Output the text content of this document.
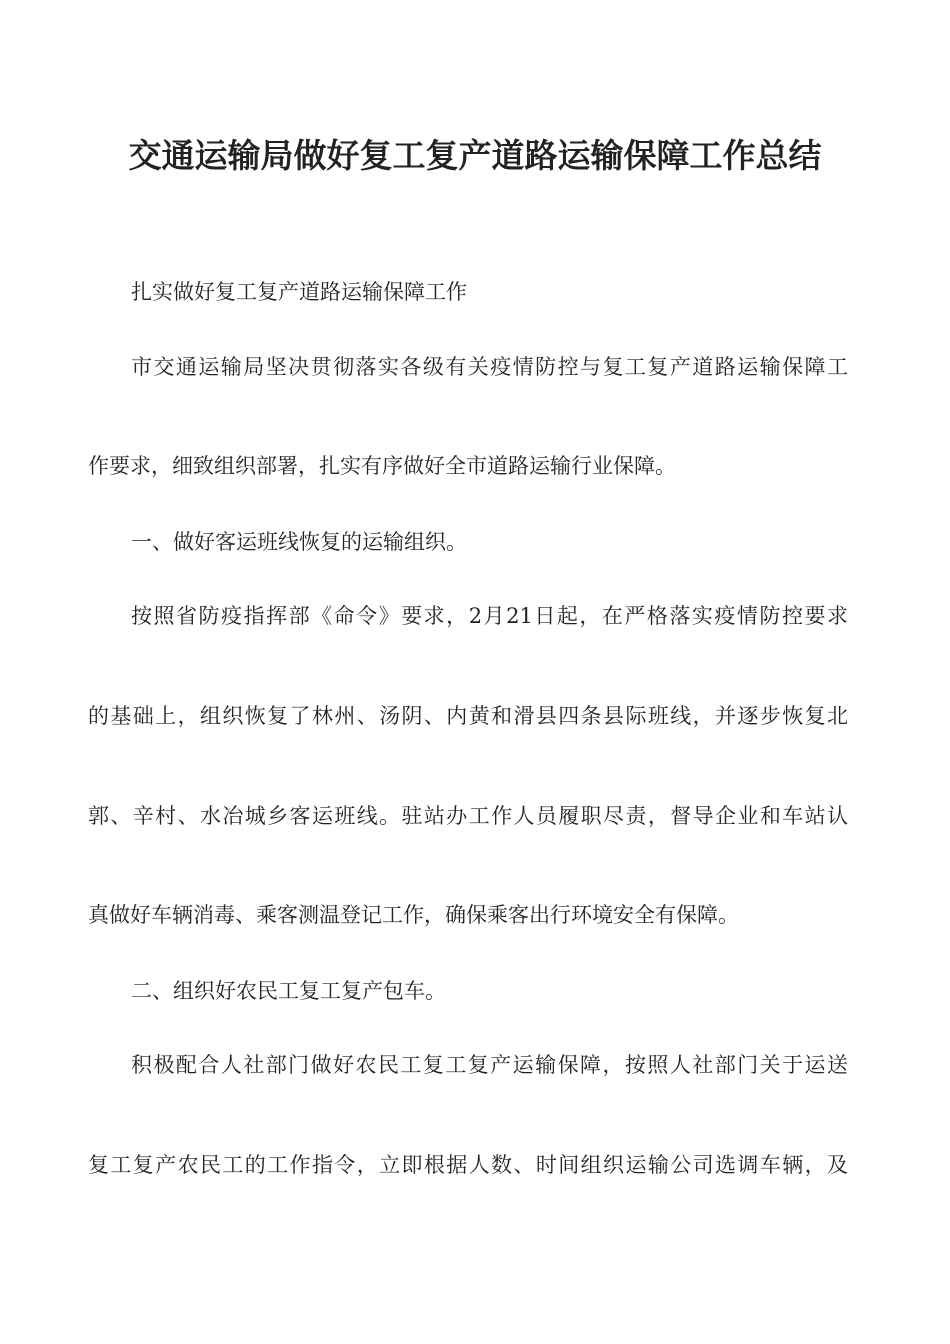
交通运输局做好复工复产道路运输保障工作总结

扎实做好复工复产道路运输保障工作

市交通运输局坚决贯彻落实各级有关疫情防控与复工复产道路运输保障工

作要求，细致组织部署，扎实有序做好全市道路运输行业保障。

一、做好客运班线恢复的运输组织。

按照省防疫指挥部《命令》要求，2月21日起，在严格落实疫情防控要求

的基础上，组织恢复了林州、汤阴、内黄和滑县四条县际班线，并逐步恢复北

郭、辛村、水冶城乡客运班线。驻站办工作人员履职尽责，督导企业和车站认

真做好车辆消毒、乘客测温登记工作，确保乘客出行环境安全有保障。

二、组织好农民工复工复产包车。

积极配合人社部门做好农民工复工复产运输保障，按照人社部门关于运送

复工复产农民工的工作指令，立即根据人数、时间组织运输公司选调车辆，及
